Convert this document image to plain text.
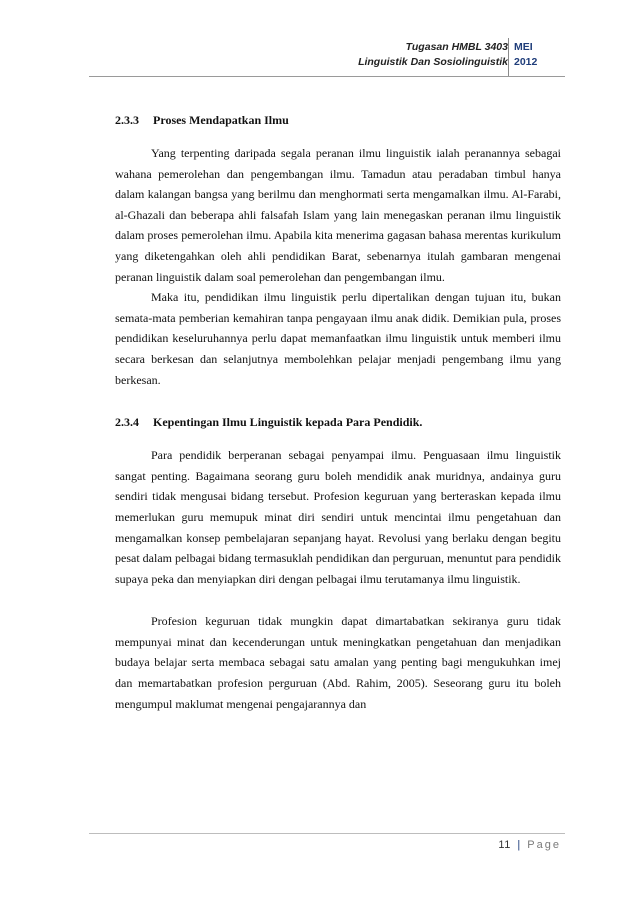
Tugasan HMBL 3403
Linguistik Dan Sosiolinguistik
MEI
2012
2.3.3	Proses Mendapatkan Ilmu

Yang terpenting daripada segala peranan ilmu linguistik ialah peranannya sebagai wahana pemerolehan dan pengembangan ilmu. Tamadun atau peradaban timbul hanya dalam kalangan bangsa yang berilmu dan menghormati serta mengamalkan ilmu. Al-Farabi, al-Ghazali dan beberapa ahli falsafah Islam yang lain menegaskan peranan ilmu linguistik dalam proses pemerolehan ilmu. Apabila kita menerima gagasan bahasa merentas kurikulum yang diketengahkan oleh ahli pendidikan Barat, sebenarnya itulah gambaran mengenai peranan linguistik dalam soal pemerolehan dan pengembangan ilmu.

Maka itu, pendidikan ilmu linguistik perlu dipertalikan dengan tujuan itu, bukan semata-mata pemberian kemahiran tanpa pengayaan ilmu anak didik. Demikian pula, proses pendidikan keseluruhannya perlu dapat memanfaatkan ilmu linguistik untuk memberi ilmu secara berkesan dan selanjutnya membolehkan pelajar menjadi pengembang ilmu yang berkesan.

2.3.4	Kepentingan Ilmu Linguistik kepada Para Pendidik.

Para pendidik berperanan sebagai penyampai ilmu. Penguasaan ilmu linguistik sangat penting. Bagaimana seorang guru boleh mendidik anak muridnya, andainya guru sendiri tidak mengusai bidang tersebut. Profesion keguruan yang berteraskan kepada ilmu memerlukan guru memupuk minat diri sendiri untuk mencintai ilmu pengetahuan dan mengamalkan konsep pembelajaran sepanjang hayat. Revolusi yang berlaku dengan begitu pesat dalam pelbagai bidang termasuklah pendidikan dan perguruan, menuntut para pendidik supaya peka dan menyiapkan diri dengan pelbagai ilmu terutamanya ilmu linguistik.

Profesion keguruan tidak mungkin dapat dimartabatkan sekiranya guru tidak mempunyai minat dan kecenderungan untuk meningkatkan pengetahuan dan menjadikan budaya belajar serta membaca sebagai satu amalan yang penting bagi mengukuhkan imej dan memartabatkan profesion perguruan (Abd. Rahim, 2005). Seseorang guru itu boleh mengumpul maklumat mengenai pengajarannya dan

11 | Page
